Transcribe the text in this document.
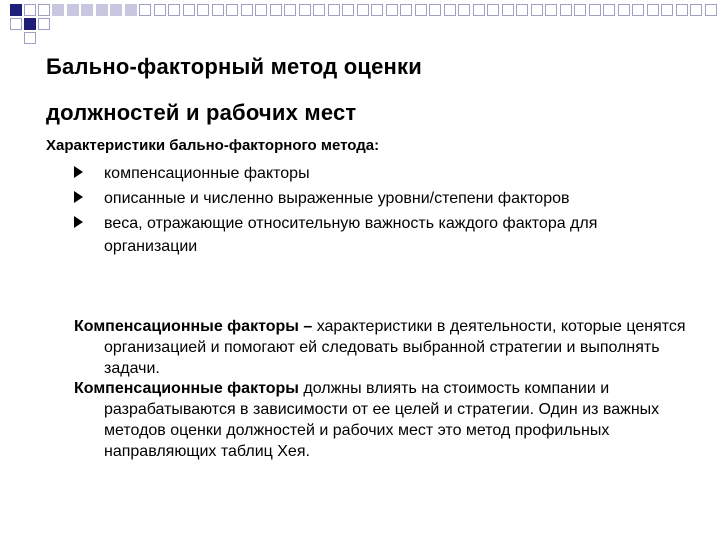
Бально-факторный метод оценки
должностей и рабочих мест
Характеристики бально-факторного метода:
компенсационные факторы
описанные и численно выраженные уровни/степени факторов
веса, отражающие относительную важность каждого фактора для организации
Компенсационные факторы – характеристики в деятельности, которые ценятся организацией и помогают ей следовать выбранной стратегии и выполнять задачи.
Компенсационные факторы должны влиять на стоимость компании и разрабатываются в зависимости от ее целей и стратегии. Один из важных методов оценки должностей и рабочих мест это метод профильных направляющих таблиц Хея.
